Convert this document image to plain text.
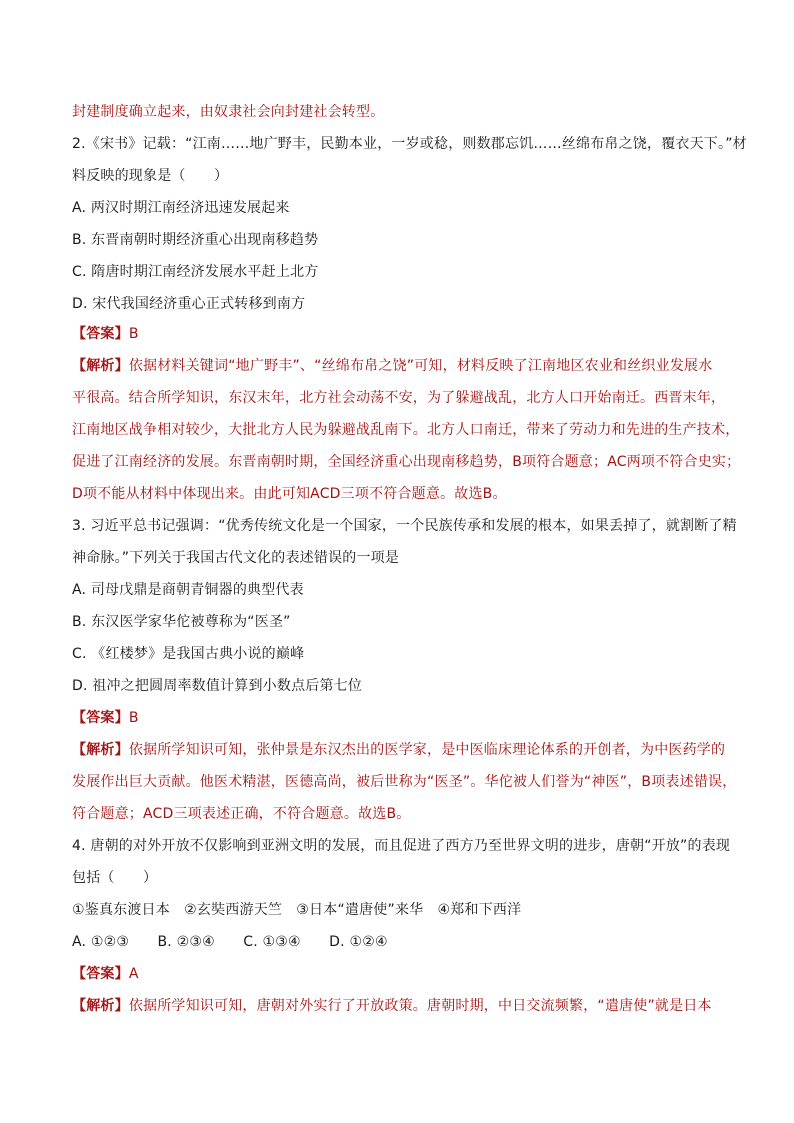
封建制度确立起来，由奴隶社会向封建社会转型。
2.《宋书》记载：“江南……地广野丰，民勤本业，一岁或稔，则数郡忘饥……丝绵布帛之饶，覆衣天下。”材
料反映的现象是（　　）
A. 两汉时期江南经济迅速发展起来
B. 东晋南朝时期经济重心出现南移趋势
C. 隋唐时期江南经济发展水平赶上北方
D. 宋代我国经济重心正式转移到南方
【答案】B
【解析】依据材料关键词“地广野丰”、“丝绵布帛之饶”可知，材料反映了江南地区农业和丝织业发展水
平很高。结合所学知识，东汉末年，北方社会动荡不安，为了躲避战乱，北方人口开始南迁。西晋末年，
江南地区战争相对较少，大批北方人民为躲避战乱南下。北方人口南迁，带来了劳动力和先进的生产技术，
促进了江南经济的发展。东晋南朝时期，全国经济重心出现南移趋势，B项符合题意；AC两项不符合史实；
D项不能从材料中体现出来。由此可知ACD三项不符合题意。故选B。
3. 习近平总书记强调：“优秀传统文化是一个国家，一个民族传承和发展的根本，如果丢掉了，就割断了精
神命脉。”下列关于我国古代文化的表述错误的一项是
A. 司母戊鼎是商朝青铜器的典型代表
B. 东汉医学家华佗被尊称为“医圣”
C. 《红楼梦》是我国古典小说的巅峰
D. 祖冲之把圆周率数值计算到小数点后第七位
【答案】B
【解析】依据所学知识可知，张仲景是东汉杰出的医学家，是中医临床理论体系的开创者，为中医药学的
发展作出巨大贡献。他医术精湛，医德高尚，被后世称为“医圣”。华佗被人们誉为“神医”，B项表述错误，
符合题意；ACD三项表述正确，不符合题意。故选B。
4. 唐朝的对外开放不仅影响到亚洲文明的发展，而且促进了西方乃至世界文明的进步，唐朝“开放”的表现
包括（　　）
①鉴真东渡日本　②玄奘西游天竺　③日本“遣唐使”来华　④郑和下西洋
A. ①②③　　B. ②③④　　C. ①③④　　D. ①②④
【答案】A
【解析】依据所学知识可知，唐朝对外实行了开放政策。唐朝时期，中日交流频繁，“遣唐使”就是日本
